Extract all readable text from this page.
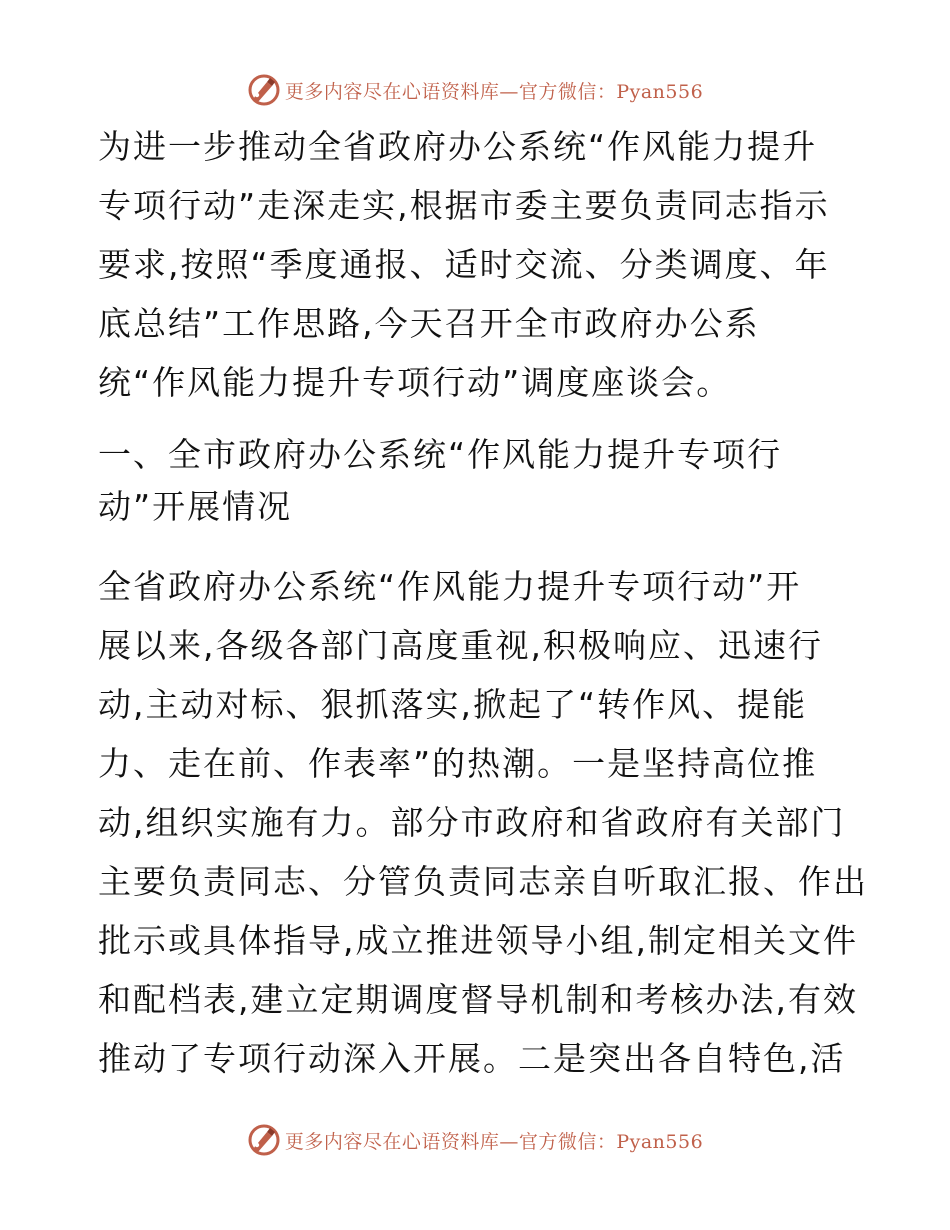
更多内容尽在心语资料库—官方微信：Pyan556
为进一步推动全省政府办公系统“作风能力提升
专项行动”走深走实,根据市委主要负责同志指示
要求,按照“季度通报、适时交流、分类调度、年
底总结”工作思路,今天召开全市政府办公系
统“作风能力提升专项行动”调度座谈会。
一、全市政府办公系统“作风能力提升专项行
动”开展情况
全省政府办公系统“作风能力提升专项行动”开
展以来,各级各部门高度重视,积极响应、迅速行
动,主动对标、狠抓落实,掀起了“转作风、提能
力、走在前、作表率”的热潮。一是坚持高位推
动,组织实施有力。部分市政府和省政府有关部门
主要负责同志、分管负责同志亲自听取汇报、作出
批示或具体指导,成立推进领导小组,制定相关文件
和配档表,建立定期调度督导机制和考核办法,有效
推动了专项行动深入开展。二是突出各自特色,活
更多内容尽在心语资料库—官方微信：Pyan556
